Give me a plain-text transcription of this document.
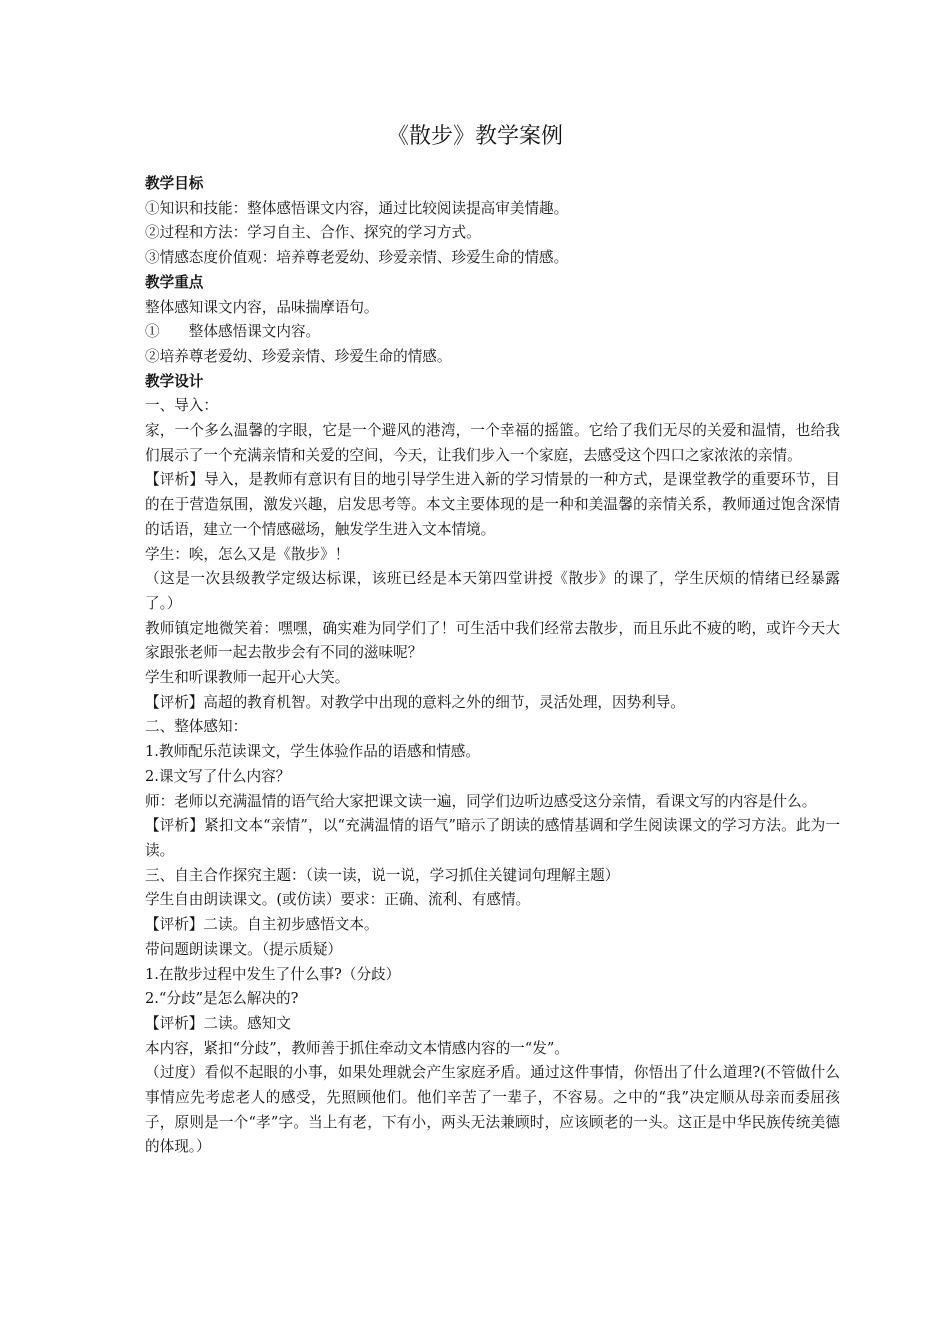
《散步》教学案例

教学目标

①知识和技能：整体感悟课文内容，通过比较阅读提高审美情趣。

②过程和方法：学习自主、合作、探究的学习方式。

③情感态度价值观：培养尊老爱幼、珍爱亲情、珍爱生命的情感。

教学重点

整体感知课文内容，品味揣摩语句。

①　　整体感悟课文内容。

②培养尊老爱幼、珍爱亲情、珍爱生命的情感。

教学设计

一、导入：

家，一个多么温馨的字眼，它是一个避风的港湾，一个幸福的摇篮。它给了我们无尽的关爱和温情，也给我们展示了一个充满亲情和关爱的空间，今天，让我们步入一个家庭，去感受这个四口之家浓浓的亲情。

【评析】导入，是教师有意识有目的地引导学生进入新的学习情景的一种方式，是课堂教学的重要环节，目的在于营造氛围，激发兴趣，启发思考等。本文主要体现的是一种和美温馨的亲情关系，教师通过饱含深情的话语，建立一个情感磁场，触发学生进入文本情境。

学生：唉，怎么又是《散步》！

（这是一次县级教学定级达标课，该班已经是本天第四堂讲授《散步》的课了，学生厌烦的情绪已经暴露了。）

教师镇定地微笑着：嘿嘿，确实难为同学们了！可生活中我们经常去散步，而且乐此不疲的哟，或许今天大家跟张老师一起去散步会有不同的滋味呢？

学生和听课教师一起开心大笑。

【评析】高超的教育机智。对教学中出现的意料之外的细节，灵活处理，因势利导。

二、整体感知：

1.教师配乐范读课文，学生体验作品的语感和情感。

2.课文写了什么内容？

师：老师以充满温情的语气给大家把课文读一遍，同学们边听边感受这分亲情，看课文写的内容是什么。

【评析】紧扣文本“亲情”，以“充满温情的语气”暗示了朗读的感情基调和学生阅读课文的学习方法。此为一读。

三、自主合作探究主题：（读一读，说一说，学习抓住关键词句理解主题）

学生自由朗读课文。(或仿读）要求：正确、流利、有感情。

【评析】二读。自主初步感悟文本。

带问题朗读课文。（提示质疑）

1.在散步过程中发生了什么事?（分歧）

2.“分歧”是怎么解决的?

【评析】二读。感知文

本内容，紧扣“分歧”，教师善于抓住牵动文本情感内容的一“发”。

（过度）看似不起眼的小事，如果处理就会产生家庭矛盾。通过这件事情，你悟出了什么道理?(不管做什么事情应先考虑老人的感受，先照顾他们。他们辛苦了一辈子，不容易。之中的“我”决定顺从母亲而委屈孩子，原则是一个“孝”字。当上有老，下有小，两头无法兼顾时，应该顾老的一头。这正是中华民族传统美德的体现。）
